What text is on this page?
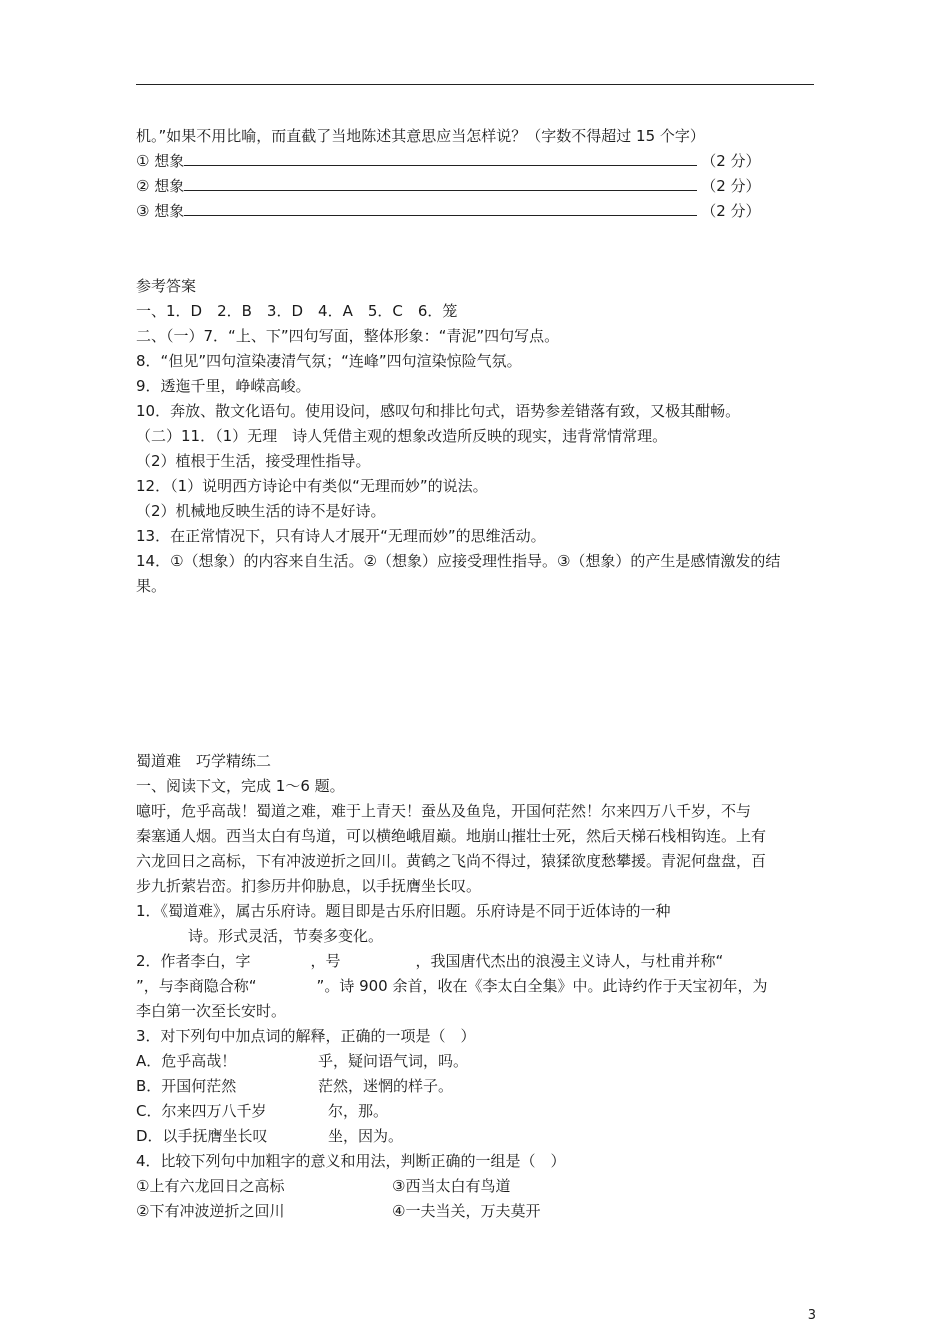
机。”如果不用比喻，而直截了当地陈述其意思应当怎样说？（字数不得超过 15 个字）
① 想象	（2 分）
② 想象	（2 分）
③ 想象	（2 分）
参考答案
一、1．D　2．B　3．D　4．A　5．C　6．笼
二、（一）7．“上、下”四句写面，整体形象：“青泥”四句写点。
8．“但见”四句渲染凄清气氛；“连峰”四句渲染惊险气氛。
9．透迤千里，峥嵘高峻。
10．奔放、散文化语句。使用设问，感叹句和排比句式，语势参差错落有致，又极其酣畅。
（二）11．（1）无理　诗人凭借主观的想象改造所反映的现实，违背常情常理。
（2）植根于生活，接受理性指导。
12．（1）说明西方诗论中有类似“无理而妙”的说法。
（2）机械地反映生活的诗不是好诗。
13．在正常情况下，只有诗人才展开“无理而妙”的思维活动。
14．①（想象）的内容来自生活。②（想象）应接受理性指导。③（想象）的产生是感情激发的结
果。
蜀道难　巧学精练二
一、阅读下文，完成 1～6 题。
噫吁，危乎高哉！蜀道之难，难于上青天！蚕丛及鱼凫，开国何茫然！尔来四万八千岁，不与
秦塞通人烟。西当太白有鸟道，可以横绝峨眉巅。地崩山摧壮士死，然后天梯石栈相钩连。上有
六龙回日之高标，下有冲波逆折之回川。黄鹤之飞尚不得过，猿猱欲度愁攀援。青泥何盘盘，百
步九折萦岩峦。扪参历井仰胁息，以手抚膺坐长叹。
1．《蜀道难》，属古乐府诗。题目即是古乐府旧题。乐府诗是不同于近体诗的一种
诗。形式灵活，节奏多变化。
2．作者李白，字　　　　，号　　　　　，我国唐代杰出的浪漫主义诗人，与杜甫并称“
”，与李商隐合称“　　　　”。诗 900 余首，收在《李太白全集》中。此诗约作于天宝初年，为
李白第一次至长安时。
3．对下列句中加点词的解释，正确的一项是（　）
A．危乎高哉！	乎，疑问语气词，吗。
B．开国何茫然	茫然，迷惘的样子。
C．尔来四万八千岁	尔，那。
D．以手抚膺坐长叹	坐，因为。
4．比较下列句中加粗字的意义和用法，判断正确的一组是（　）
①上有六龙回日之高标	③西当太白有鸟道
②下有冲波逆折之回川	④一夫当关，万夫莫开
3
